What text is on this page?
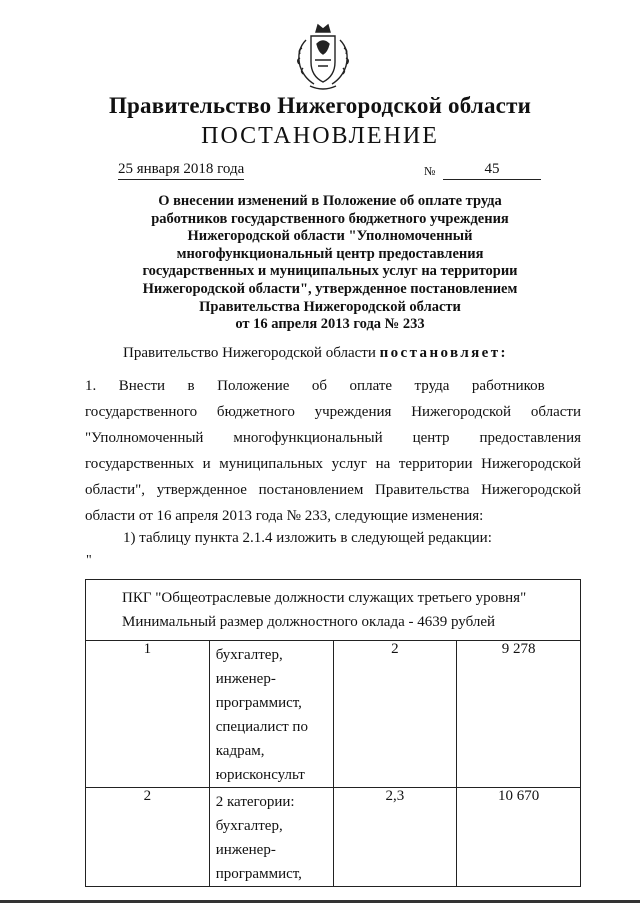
Правительство Нижегородской области
ПОСТАНОВЛЕНИЕ
25 января 2018 года	№	45
О внесении изменений в Положение об оплате труда
работников государственного бюджетного учреждения
Нижегородской области "Уполномоченный
многофункциональный центр предоставления
государственных и муниципальных услуг на территории
Нижегородской области", утвержденное постановлением
Правительства Нижегородской области
от 16 апреля 2013 года № 233
Правительство Нижегородской области постановляет:
1.      Внести      в      Положение      об      оплате      труда      работников
государственного бюджетного учреждения Нижегородской области
"Уполномоченный многофункциональный центр предоставления
государственных и муниципальных услуг на территории Нижегородской
области", утвержденное постановлением Правительства Нижегородской
области от 16 апреля 2013 года № 233, следующие изменения:
1) таблицу пункта 2.1.4 изложить в следующей редакции:
"
ПКГ "Общеотраслевые должности служащих третьего уровня"
Минимальный размер должностного оклада - 4639 рублей			

1	бухгалтер,
инженер-программист,
специалист по кадрам,
юрисконсульт	2	9 278
2	2 категории:
бухгалтер,
инженер-программист,	2,3	10 670
